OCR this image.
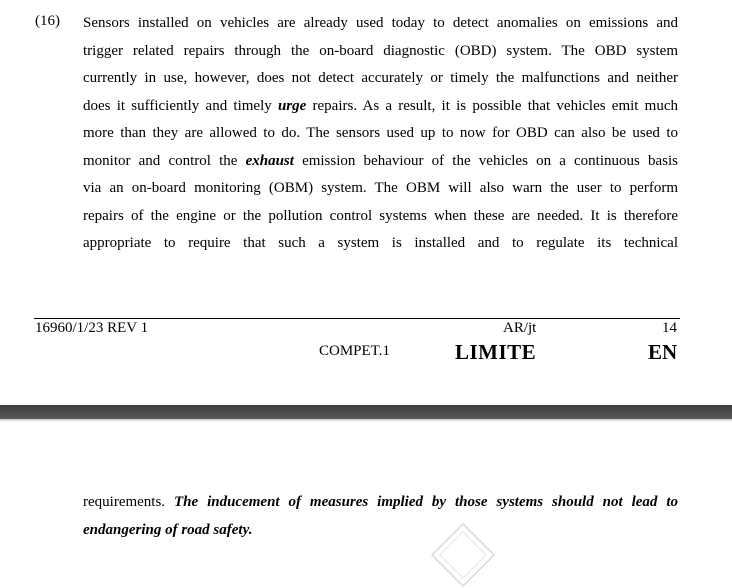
(16) Sensors installed on vehicles are already used today to detect anomalies on emissions and
trigger related repairs through the on-board diagnostic (OBD) system. The OBD system
currently in use, however, does not detect accurately or timely the malfunctions and neither
does it sufficiently and timely urge repairs. As a result, it is possible that vehicles emit much
more than they are allowed to do. The sensors used up to now for OBD can also be used to
monitor and control the exhaust emission behaviour of the vehicles on a continuous basis
via an on-board monitoring (OBM) system. The OBM will also warn the user to perform
repairs of the engine or the pollution control systems when these are needed. It is therefore
appropriate to require that such a system is installed and to regulate its technical
16960/1/23 REV 1	AR/jt	14
COMPET.1	LIMITE	EN
requirements. The inducement of measures implied by those systems should not lead to
endangering of road safety.
